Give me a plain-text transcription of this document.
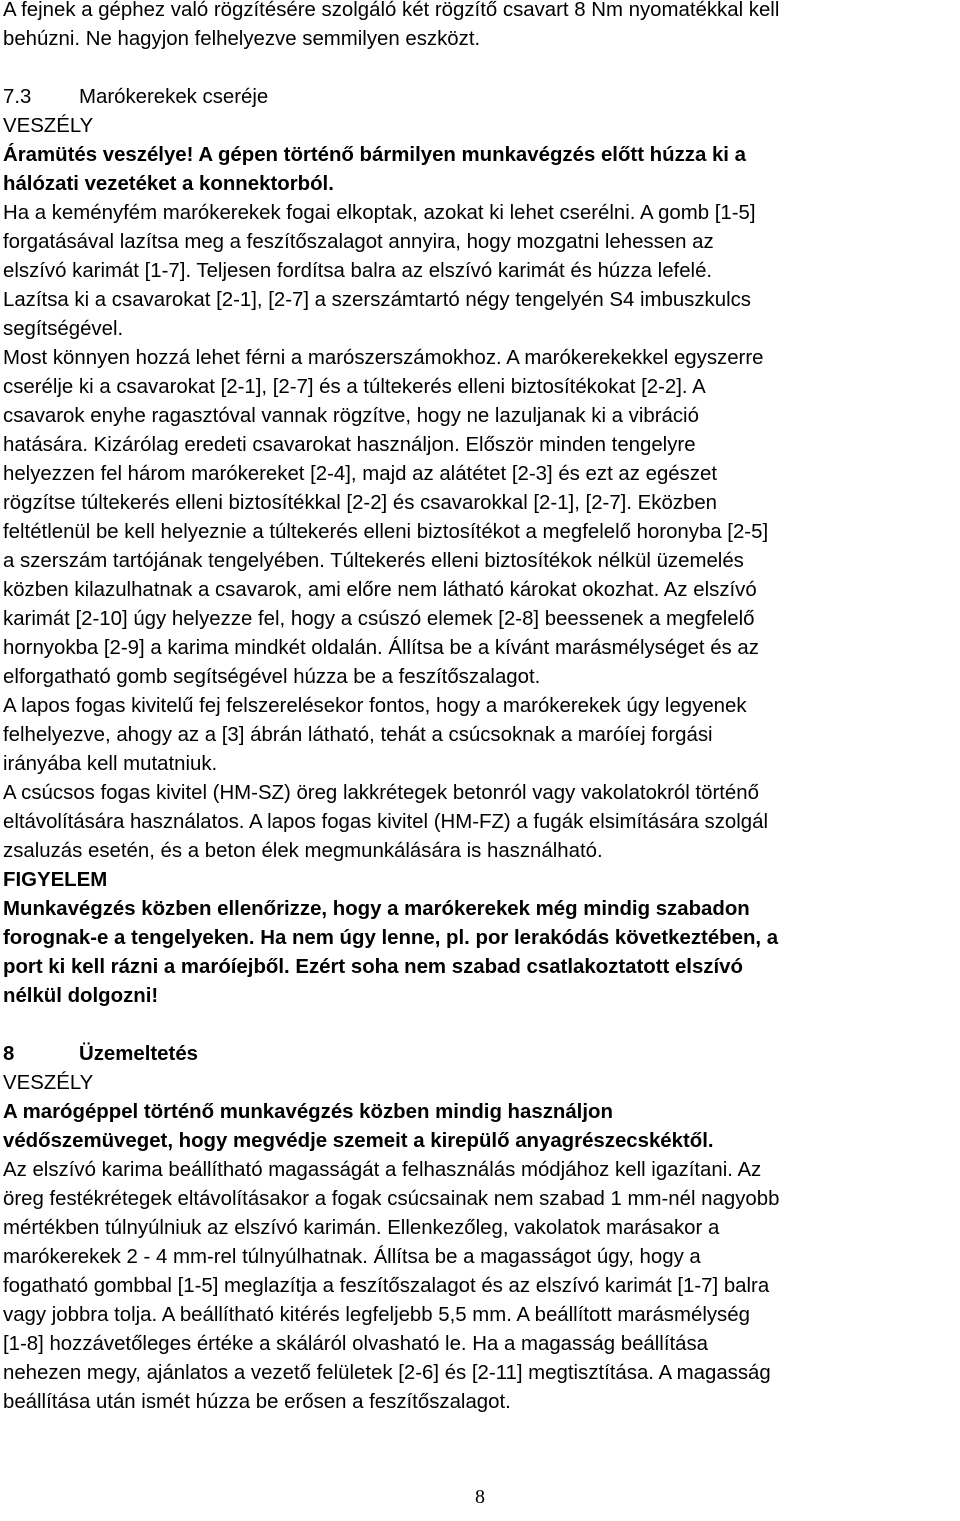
A fejnek a géphez való rögzítésére szolgáló két rögzítő csavart 8 Nm nyomatékkal kell
behúzni. Ne hagyjon felhelyezve semmilyen eszközt.
7.3 Marókerekek cseréje
VESZÉLY
Áramütés veszélye! A gépen történő bármilyen munkavégzés előtt húzza ki a
hálózati vezetéket a konnektorból.
Ha a keményfém marókerekek fogai elkoptak, azokat ki lehet cserélni. A gomb [1-5]
forgatásával lazítsa meg a feszítőszalagot annyira, hogy mozgatni lehessen az
elszívó karimát [1-7]. Teljesen fordítsa balra az elszívó karimát és húzza lefelé.
Lazítsa ki a csavarokat [2-1], [2-7] a szerszámtartó négy tengelyén S4 imbuszkulcs
segítségével.
Most könnyen hozzá lehet férni a marószerszámokhoz. A marókerekekkel egyszerre
cserélje ki a csavarokat [2-1], [2-7] és a túltekerés elleni biztosítékokat [2-2]. A
csavarok enyhe ragasztóval vannak rögzítve, hogy ne lazuljanak ki a vibráció
hatására. Kizárólag eredeti csavarokat használjon. Először minden tengelyre
helyezzen fel három marókereket [2-4], majd az alátétet [2-3] és ezt az egészet
rögzítse túltekerés elleni biztosítékkal [2-2] és csavarokkal [2-1], [2-7]. Eközben
feltétlenül be kell helyeznie a túltekerés elleni biztosítékot a megfelelő horonyba [2-5]
a szerszám tartójának tengelyében. Túltekerés elleni biztosítékok nélkül üzemelés
közben kilazulhatnak a csavarok, ami előre nem látható károkat okozhat. Az elszívó
karimát [2-10] úgy helyezze fel, hogy a csúszó elemek [2-8] beessenek a megfelelő
hornyokba [2-9] a karima mindkét oldalán. Állítsa be a kívánt marásmélységet és az
elforgatható gomb segítségével húzza be a feszítőszalagot.
A lapos fogas kivitelű fej felszerelésekor fontos, hogy a marókerekek úgy legyenek
felhelyezve, ahogy az a [3] ábrán látható, tehát a csúcsoknak a maróíej forgási
irányába kell mutatniuk.
A csúcsos fogas kivitel (HM-SZ) öreg lakkrétegek betonról vagy vakolatokról történő
eltávolítására használatos. A lapos fogas kivitel (HM-FZ) a fugák elsimítására szolgál
zsaluzás esetén, és a beton élek megmunkálására is használható.
FIGYELEM
Munkavégzés közben ellenőrizze, hogy a marókerekek még mindig szabadon
forognak-e a tengelyeken. Ha nem úgy lenne, pl. por lerakódás következtében, a
port ki kell rázni a maróíejből. Ezért soha nem szabad csatlakoztatott elszívó
nélkül dolgozni!
8	Üzemeltetés
VESZÉLY
A marógéppel történő munkavégzés közben mindig használjon
védőszemüveget, hogy megvédje szemeit a kirepülő anyagrészecskéktől.
Az elszívó karima beállítható magasságát a felhasználás módjához kell igazítani. Az
öreg festékrétegek eltávolításakor a fogak csúcsainak nem szabad 1 mm-nél nagyobb
mértékben túlnyúlniuk az elszívó karimán. Ellenkezőleg, vakolatok marásakor a
marókerekek 2 - 4 mm-rel túlnyúlhatnak. Állítsa be a magasságot úgy, hogy a
fogatható gombbal [1-5] meglazítja a feszítőszalagot és az elszívó karimát [1-7] balra
vagy jobbra tolja. A beállítható kitérés legfeljebb 5,5 mm. A beállított marásmélység
[1-8] hozzávetőleges értéke a skáláról olvasható le. Ha a magasság beállítása
nehezen megy, ajánlatos a vezető felületek [2-6] és [2-11] megtisztítása. A magasság
beállítása után ismét húzza be erősen a feszítőszalagot.
8
